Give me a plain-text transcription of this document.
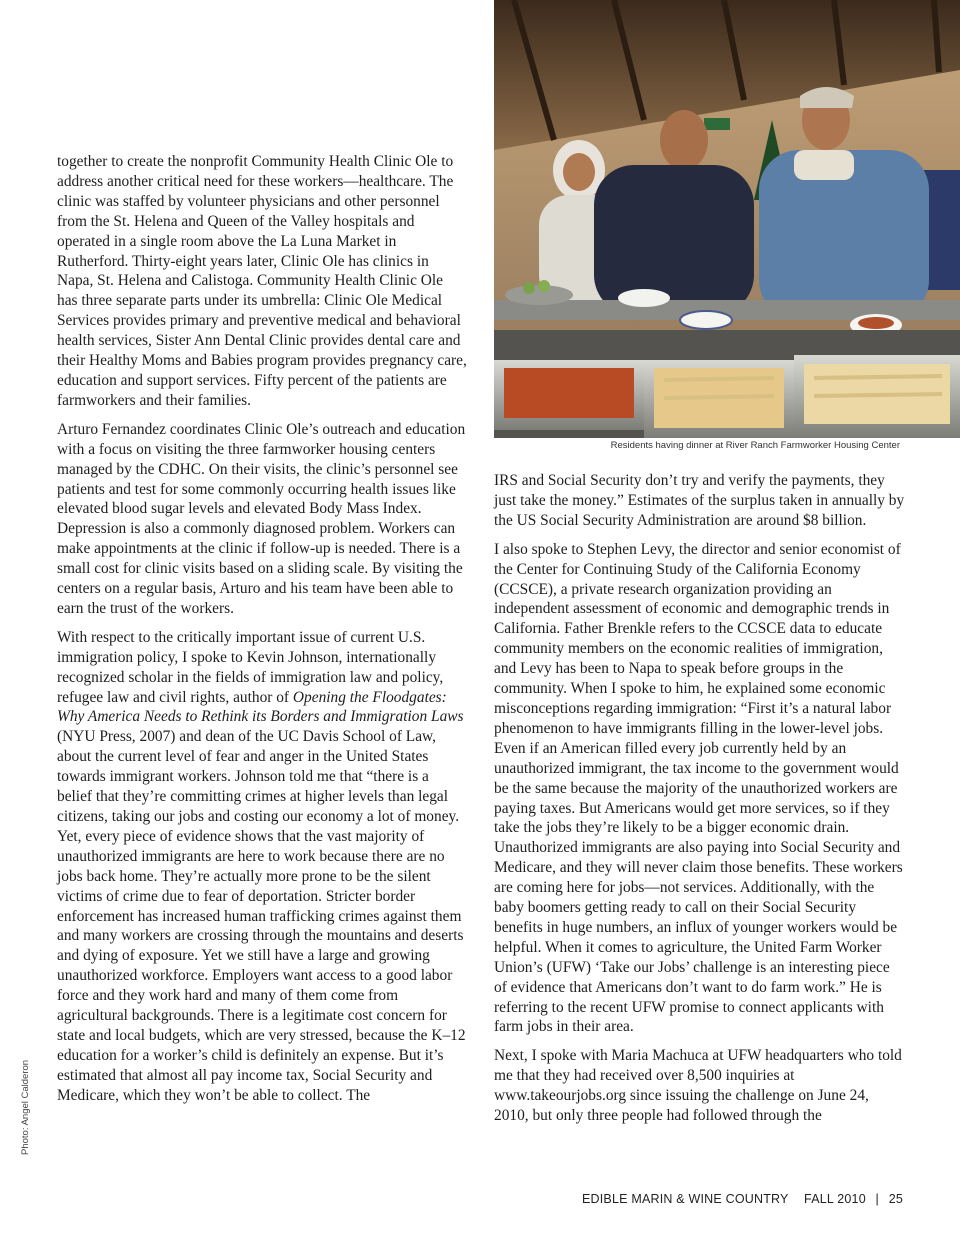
Residents having dinner at River Ranch Farmworker Housing Center
Photo: Angel Calderon

together to create the nonprofit Community Health Clinic Ole to address another critical need for these workers—healthcare. The clinic was staffed by volunteer physicians and other personnel from the St. Helena and Queen of the Valley hospitals and operated in a single room above the La Luna Market in Rutherford. Thirty-eight years later, Clinic Ole has clinics in Napa, St. Helena and Calistoga. Community Health Clinic Ole has three separate parts under its umbrella: Clinic Ole Medical Services provides primary and preventive medical and behavioral health services, Sister Ann Dental Clinic provides dental care and their Healthy Moms and Babies program provides pregnancy care, education and support services. Fifty percent of the patients are farmworkers and their families.

Arturo Fernandez coordinates Clinic Ole’s outreach and education with a focus on visiting the three farmworker housing centers managed by the CDHC. On their visits, the clinic’s personnel see patients and test for some commonly occurring health issues like elevated blood sugar levels and elevated Body Mass Index. Depression is also a commonly diagnosed problem. Workers can make appointments at the clinic if follow-up is needed. There is a small cost for clinic visits based on a sliding scale. By visiting the centers on a regular basis, Arturo and his team have been able to earn the trust of the workers.

With respect to the critically important issue of current U.S. immigration policy, I spoke to Kevin Johnson, internationally recognized scholar in the fields of immigration law and policy, refugee law and civil rights, author of Opening the Floodgates: Why America Needs to Rethink its Borders and Immigration Laws (NYU Press, 2007) and dean of the UC Davis School of Law, about the current level of fear and anger in the United States towards immigrant workers. Johnson told me that “there is a belief that they’re committing crimes at higher levels than legal citizens, taking our jobs and costing our economy a lot of money. Yet, every piece of evidence shows that the vast majority of unauthorized immigrants are here to work because there are no jobs back home. They’re actually more prone to be the silent victims of crime due to fear of deportation. Stricter border enforcement has increased human trafficking crimes against them and many workers are crossing through the mountains and deserts and dying of exposure. Yet we still have a large and growing unauthorized workforce. Employers want access to a good labor force and they work hard and many of them come from agricultural backgrounds. There is a legitimate cost concern for state and local budgets, which are very stressed, because the K–12 education for a worker’s child is definitely an expense. But it’s estimated that almost all pay income tax, Social Security and Medicare, which they won’t be able to collect. The

IRS and Social Security don’t try and verify the payments, they just take the money.” Estimates of the surplus taken in annually by the US Social Security Administration are around $8 billion.

I also spoke to Stephen Levy, the director and senior economist of the Center for Continuing Study of the California Economy (CCSCE), a private research organization providing an independent assessment of economic and demographic trends in California. Father Brenkle refers to the CCSCE data to educate community members on the economic realities of immigration, and Levy has been to Napa to speak before groups in the community. When I spoke to him, he explained some economic misconceptions regarding immigration: “First it’s a natural labor phenomenon to have immigrants filling in the lower-level jobs. Even if an American filled every job currently held by an unauthorized immigrant, the tax income to the government would be the same because the majority of the unauthorized workers are paying taxes. But Americans would get more services, so if they take the jobs they’re likely to be a bigger economic drain. Unauthorized immigrants are also paying into Social Security and Medicare, and they will never claim those benefits. These workers are coming here for jobs—not services. Additionally, with the baby boomers getting ready to call on their Social Security benefits in huge numbers, an influx of younger workers would be helpful. When it comes to agriculture, the United Farm Worker Union’s (UFW) ‘Take our Jobs’ challenge is an interesting piece of evidence that Americans don’t want to do farm work.” He is referring to the recent UFW promise to connect applicants with farm jobs in their area.

Next, I spoke with Maria Machuca at UFW headquarters who told me that they had received over 8,500 inquiries at www.takeourjobs.org since issuing the challenge on June 24, 2010, but only three people had followed through the

EDIBLE MARIN & WINE COUNTRY FALL 2010 | 25
